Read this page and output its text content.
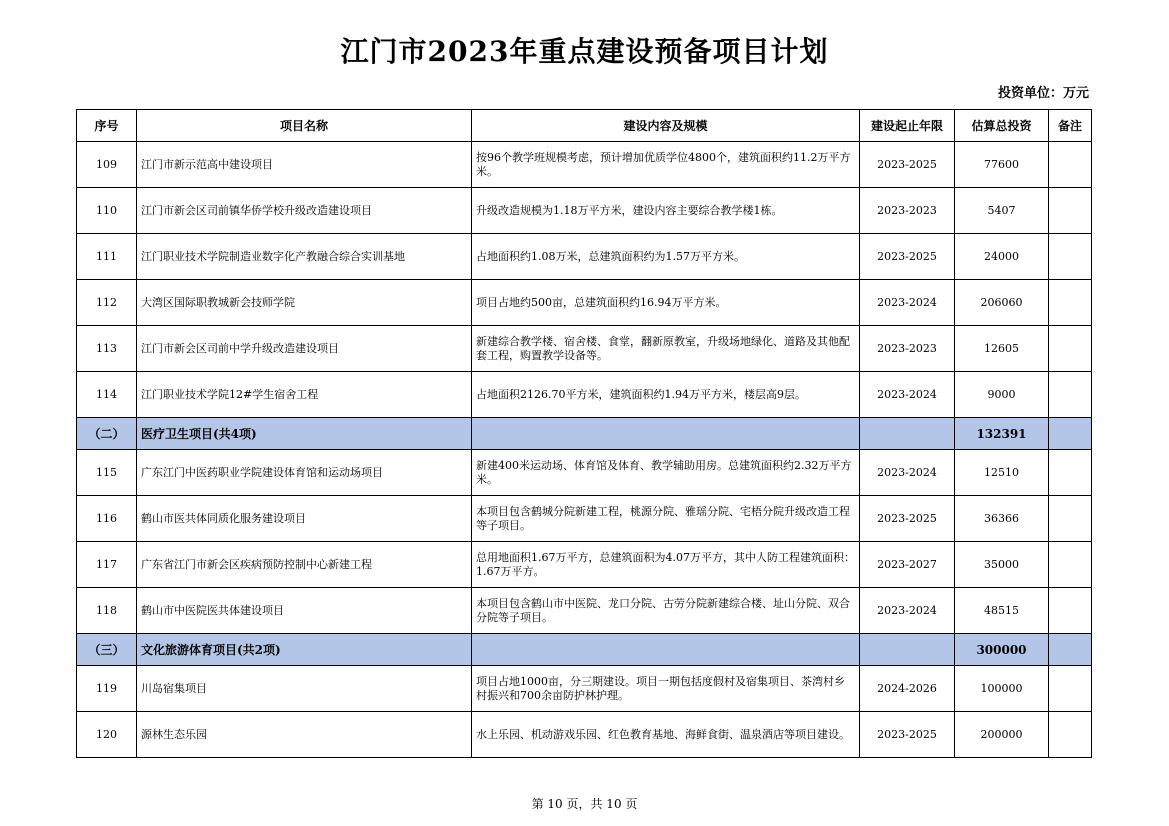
江门市2023年重点建设预备项目计划
投资单位：万元
序号	项目名称	建设内容及规模	建设起止年限	估算总投资	备注
109	江门市新示范高中建设项目	按96个教学班规模考虑，预计增加优质学位4800个，建筑面积约11.2万平方米。	2023-2025	77600	
110	江门市新会区司前镇华侨学校升级改造建设项目	升级改造规模为1.18万平方米，建设内容主要综合教学楼1栋。	2023-2023	5407	
111	江门职业技术学院制造业数字化产教融合综合实训基地	占地面积约1.08万米，总建筑面积约为1.57万平方米。	2023-2025	24000	
112	大湾区国际职教城新会技师学院	项目占地约500亩，总建筑面积约16.94万平方米。	2023-2024	206060	
113	江门市新会区司前中学升级改造建设项目	新建综合教学楼、宿舍楼、食堂，翻新原教室，升级场地绿化、道路及其他配套工程，购置教学设备等。	2023-2023	12605	
114	江门职业技术学院12#学生宿舍工程	占地面积2126.70平方米，建筑面积约1.94万平方米，楼层高9层。	2023-2024	9000	
（二）	医疗卫生项目(共4项)			132391	
115	广东江门中医药职业学院建设体育馆和运动场项目	新建400米运动场、体育馆及体育、教学辅助用房。总建筑面积约2.32万平方米。	2023-2024	12510	
116	鹤山市医共体同质化服务建设项目	本项目包含鹤城分院新建工程，桃源分院、雅瑶分院、宅梧分院升级改造工程等子项目。	2023-2025	36366	
117	广东省江门市新会区疾病预防控制中心新建工程	总用地面积1.67万平方，总建筑面积为4.07万平方，其中人防工程建筑面积：1.67万平方。	2023-2027	35000	
118	鹤山市中医院医共体建设项目	本项目包含鹤山市中医院、龙口分院、古劳分院新建综合楼、址山分院、双合分院等子项目。	2023-2024	48515	
（三）	文化旅游体育项目(共2项)			300000	
119	川岛宿集项目	项目占地1000亩，分三期建设。项目一期包括度假村及宿集项目、茶湾村乡村振兴和700余亩防护林护理。	2024-2026	100000	
120	源林生态乐园	水上乐园、机动游戏乐园、红色教育基地、海鲜食街、温泉酒店等项目建设。	2023-2025	200000	
第 10 页，共 10 页
